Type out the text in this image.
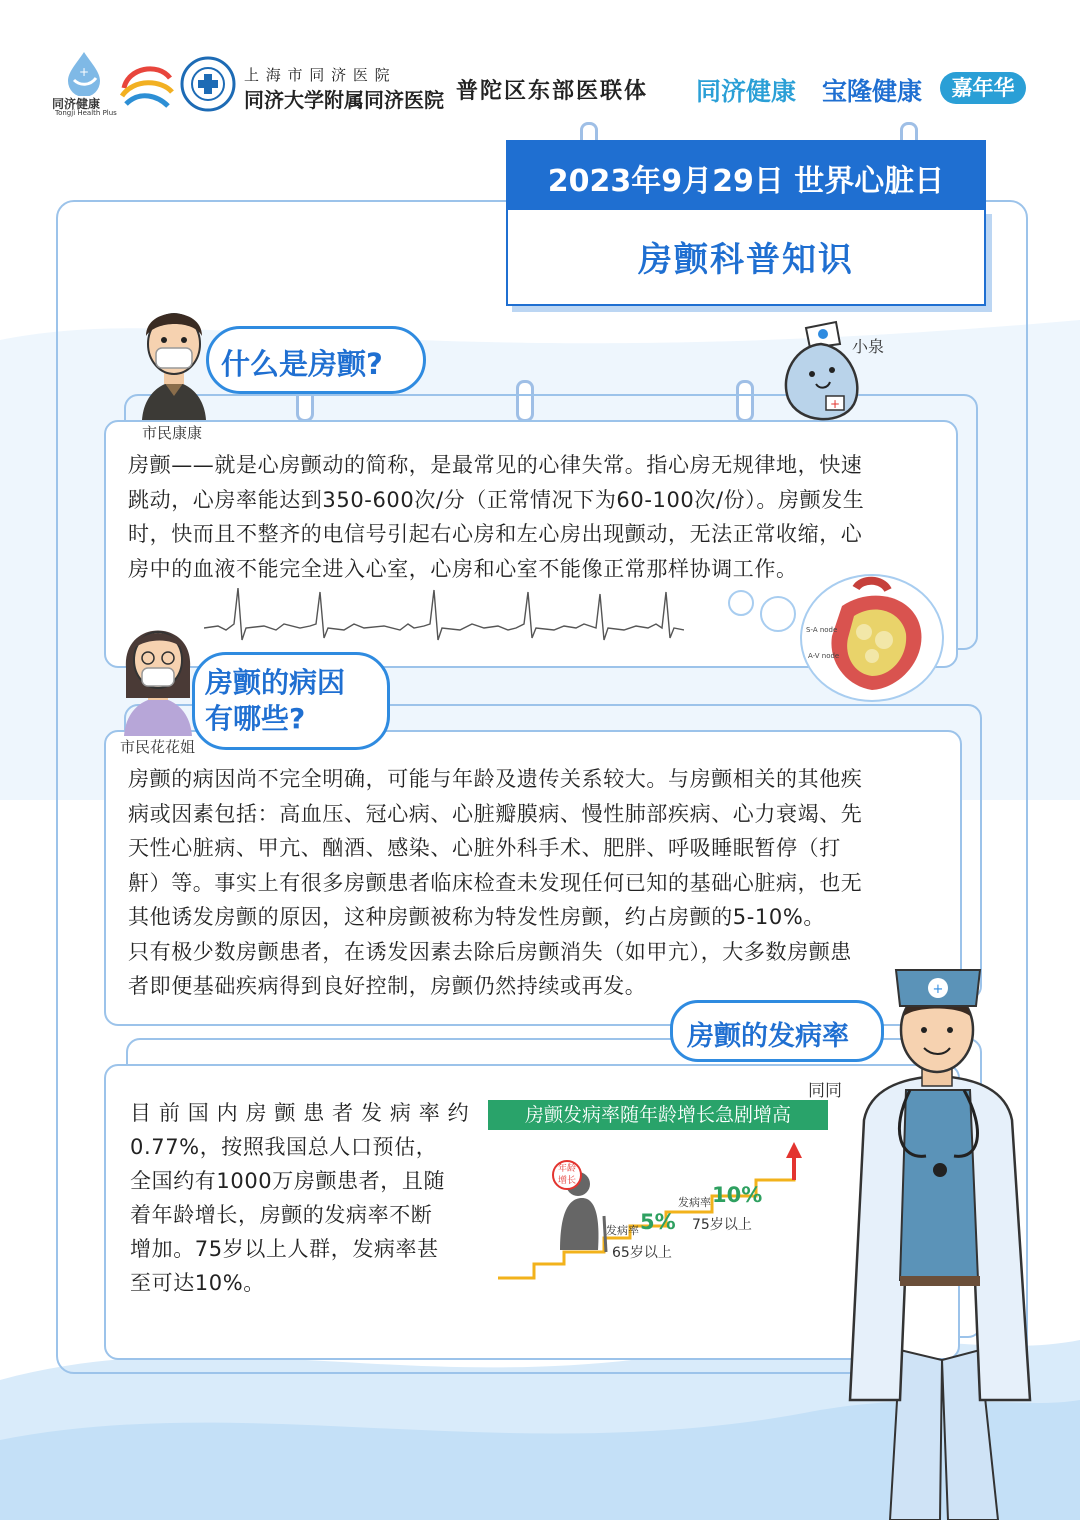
+
同济健康
Tongji Health Plus
上 海 市 同 济 医 院
同济大学附属同济医院 普陀区东部医联体 同济健康 宝隆健康	嘉年华
2023年9月29日 世界心脏日
房颤科普知识
房颤——就是心房颤动的简称，是最常见的心律失常。指心房无规律地，快速
跳动，心房率能达到350-600次/分（正常情况下为60-100次/份）。房颤发生
时，快而且不整齐的电信号引起右心房和左心房出现颤动，无法正常收缩，心
房中的血液不能完全进入心室，心房和心室不能像正常那样协调工作。
S-A node
A-V node
市民康康
什么是房颤?
+
小泉
房颤的病因尚不完全明确，可能与年龄及遗传关系较大。与房颤相关的其他疾
病或因素包括：高血压、冠心病、心脏瓣膜病、慢性肺部疾病、心力衰竭、先
天性心脏病、甲亢、酗酒、感染、心脏外科手术、肥胖、呼吸睡眠暂停（打
鼾）等。事实上有很多房颤患者临床检查未发现任何已知的基础心脏病，也无
其他诱发房颤的原因，这种房颤被称为特发性房颤，约占房颤的5-10%。
只有极少数房颤患者，在诱发因素去除后房颤消失（如甲亢），大多数房颤患
者即便基础疾病得到良好控制，房颤仍然持续或再发。
市民花花姐
房颤的病因
有哪些?
目 前 国 内 房 颤 患 者 发 病 率 约
0.77%，按照我国总人口预估，
全国约有1000万房颤患者，且随
着年龄增长，房颤的发病率不断
增加。75岁以上人群，发病率甚
至可达10%。
房颤的发病率
房颤发病率随年龄增长急剧增高
年龄增长
发病率 5%
65岁以上
发病率 10%
75岁以上
同同
+
